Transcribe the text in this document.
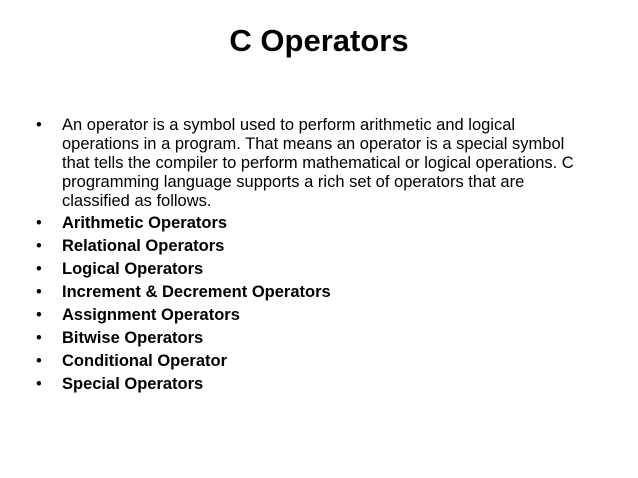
C Operators
•	An operator is a symbol used to perform arithmetic and logical operations in a program. That means an operator is a special symbol that tells the compiler to perform mathematical or logical operations. C programming language supports a rich set of operators that are classified as follows.
•	Arithmetic Operators
•	Relational Operators
•	Logical Operators
•	Increment & Decrement Operators
•	Assignment Operators
•	Bitwise Operators
•	Conditional Operator
•	Special Operators
